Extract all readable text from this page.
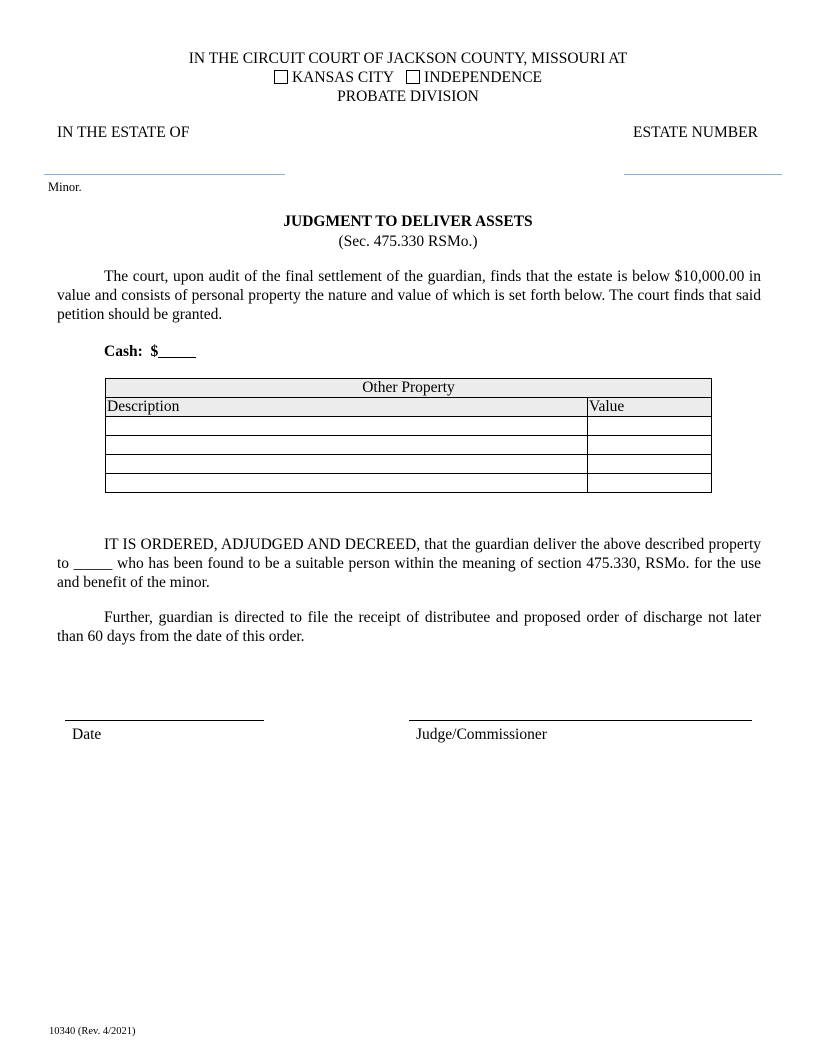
IN THE CIRCUIT COURT OF JACKSON COUNTY, MISSOURI AT
KANSAS CITY INDEPENDENCE
PROBATE DIVISION
IN THE ESTATE OF	ESTATE NUMBER
Minor.
JUDGMENT TO DELIVER ASSETS
(Sec. 475.330 RSMo.)
The court, upon audit of the final settlement of the guardian, finds that the estate is below $10,000.00 in value and consists of personal property the nature and value of which is set forth below. The court finds that said petition should be granted.
Cash: $
Other Property	
Description	Value

IT IS ORDERED, ADJUDGED AND DECREED, that the guardian deliver the above described property to _____ who has been found to be a suitable person within the meaning of section 475.330, RSMo. for the use and benefit of the minor.
Further, guardian is directed to file the receipt of distributee and proposed order of discharge not later than 60 days from the date of this order.
Date	Judge/Commissioner
10340 (Rev. 4/2021)
